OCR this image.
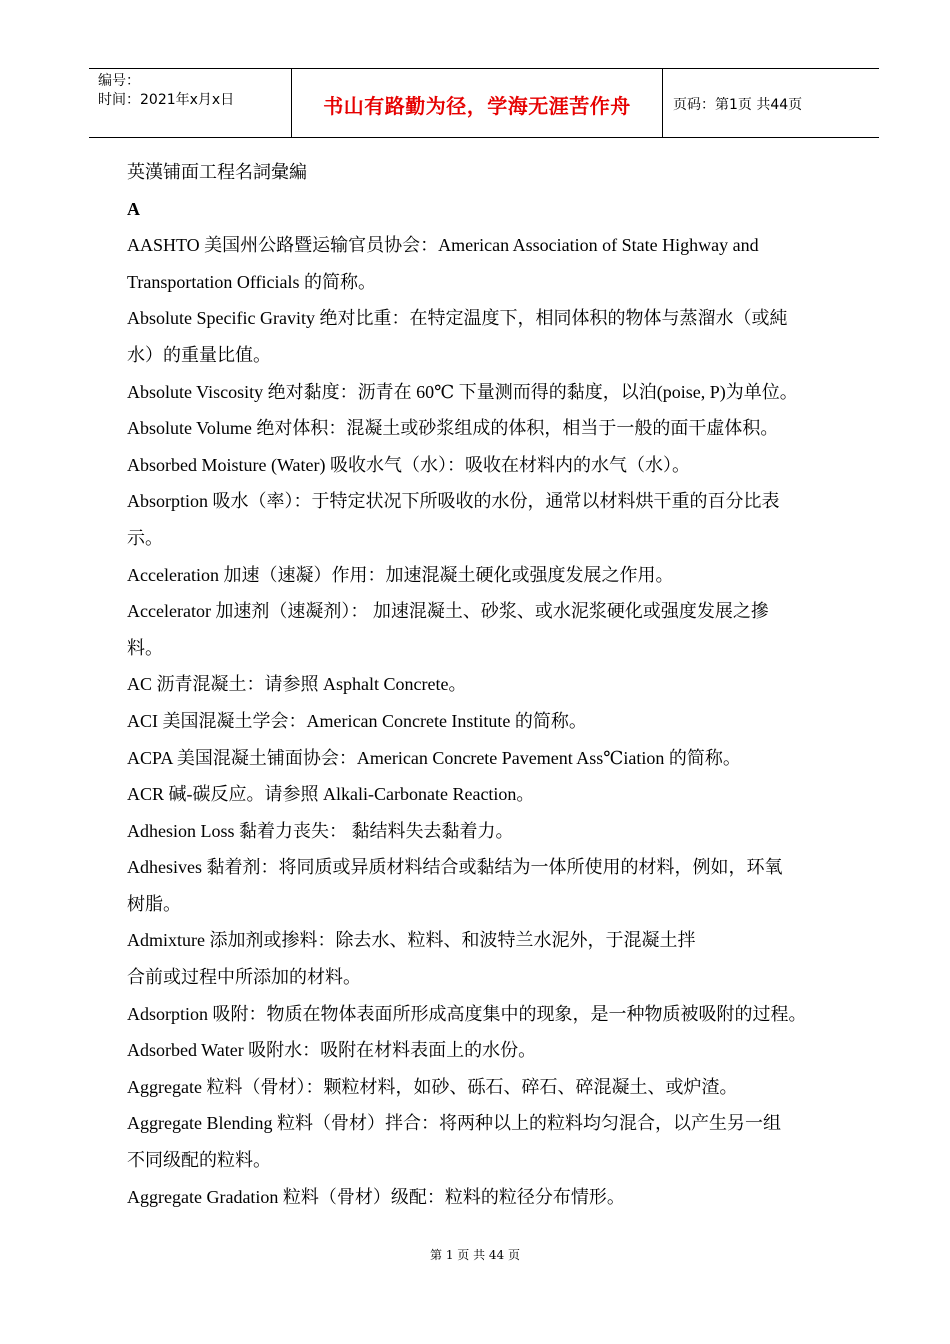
编号：
时间：2021年x月x日	书山有路勤为径，学海无涯苦作舟	页码：第1页 共44页
英漢铺面工程名詞彙編
A
AASHTO 美国州公路暨运输官员协会：American Association of State Highway and
Transportation Officials 的简称。
Absolute Specific Gravity 绝对比重：在特定温度下，相同体积的物体与蒸溜水（或純
水）的重量比值。
Absolute Viscosity 绝对黏度：沥青在 60℃ 下量测而得的黏度，以泊(poise, P)为单位。
Absolute Volume 绝对体积：混凝土或砂浆组成的体积，相当于一般的面干虛体积。
Absorbed Moisture (Water) 吸收水气（水）：吸收在材料内的水气（水）。
Absorption 吸水（率）：于特定状况下所吸收的水份，通常以材料烘干重的百分比表
示。
Acceleration 加速（速凝）作用：加速混凝土硬化或强度发展之作用。
Accelerator 加速剂（速凝剂）： 加速混凝土、砂浆、或水泥浆硬化或强度发展之摻
料。
AC 沥青混凝土：请参照 Asphalt Concrete。
ACI 美国混凝土学会：American Concrete Institute 的简称。
ACPA 美国混凝土铺面协会：American Concrete Pavement Ass℃iation 的简称。
ACR 碱-碳反应。请参照 Alkali-Carbonate Reaction。
Adhesion Loss 黏着力丧失： 黏结料失去黏着力。
Adhesives 黏着剂：将同质或异质材料结合或黏结为一体所使用的材料，例如，环氧
树脂。
Admixture 添加剂或掺料：除去水、粒料、和波特兰水泥外，于混凝土拌
合前或过程中所添加的材料。
Adsorption 吸附：物质在物体表面所形成高度集中的现象，是一种物质被吸附的过程。
Adsorbed Water 吸附水：吸附在材料表面上的水份。
Aggregate 粒料（骨材）：颗粒材料，如砂、砾石、碎石、碎混凝土、或炉渣。
Aggregate Blending 粒料（骨材）拌合：将两种以上的粒料均匀混合，以产生另一组
不同级配的粒料。
Aggregate Gradation 粒料（骨材）级配：粒料的粒径分布情形。
第 1 页 共 44 页
